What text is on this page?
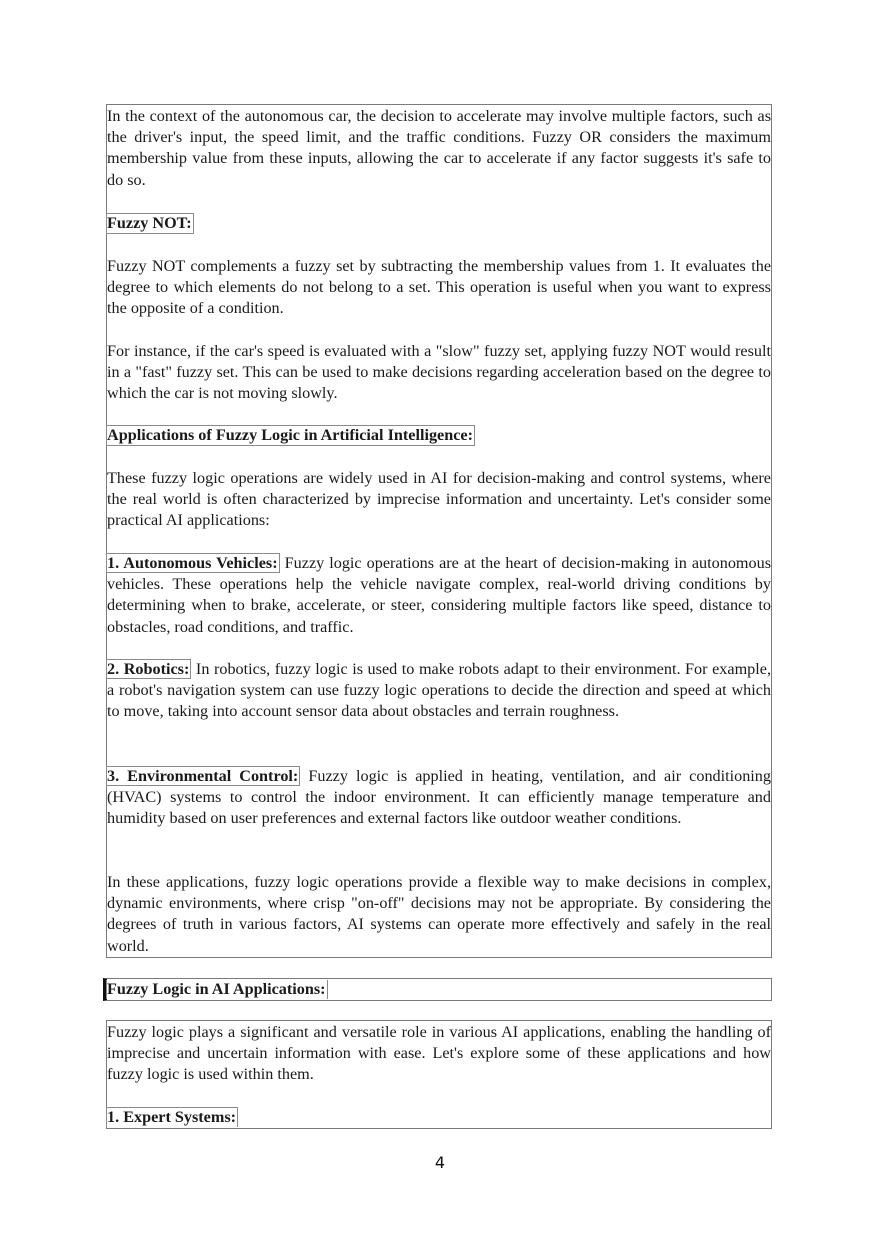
In the context of the autonomous car, the decision to accelerate may involve multiple factors, such as the driver's input, the speed limit, and the traffic conditions. Fuzzy OR considers the maximum membership value from these inputs, allowing the car to accelerate if any factor suggests it's safe to do so.

Fuzzy NOT:

Fuzzy NOT complements a fuzzy set by subtracting the membership values from 1. It evaluates the degree to which elements do not belong to a set. This operation is useful when you want to express the opposite of a condition.

For instance, if the car's speed is evaluated with a "slow" fuzzy set, applying fuzzy NOT would result in a "fast" fuzzy set. This can be used to make decisions regarding acceleration based on the degree to which the car is not moving slowly.

Applications of Fuzzy Logic in Artificial Intelligence:

These fuzzy logic operations are widely used in AI for decision-making and control systems, where the real world is often characterized by imprecise information and uncertainty. Let's consider some practical AI applications:

1. Autonomous Vehicles: Fuzzy logic operations are at the heart of decision-making in autonomous vehicles. These operations help the vehicle navigate complex, real-world driving conditions by determining when to brake, accelerate, or steer, considering multiple factors like speed, distance to obstacles, road conditions, and traffic.

2. Robotics: In robotics, fuzzy logic is used to make robots adapt to their environment. For example, a robot's navigation system can use fuzzy logic operations to decide the direction and speed at which to move, taking into account sensor data about obstacles and terrain roughness.

3. Environmental Control: Fuzzy logic is applied in heating, ventilation, and air conditioning (HVAC) systems to control the indoor environment. It can efficiently manage temperature and humidity based on user preferences and external factors like outdoor weather conditions.

In these applications, fuzzy logic operations provide a flexible way to make decisions in complex, dynamic environments, where crisp "on-off" decisions may not be appropriate. By considering the degrees of truth in various factors, AI systems can operate more effectively and safely in the real world.

Fuzzy Logic in AI Applications:

Fuzzy logic plays a significant and versatile role in various AI applications, enabling the handling of imprecise and uncertain information with ease. Let's explore some of these applications and how fuzzy logic is used within them.

1. Expert Systems:

4
